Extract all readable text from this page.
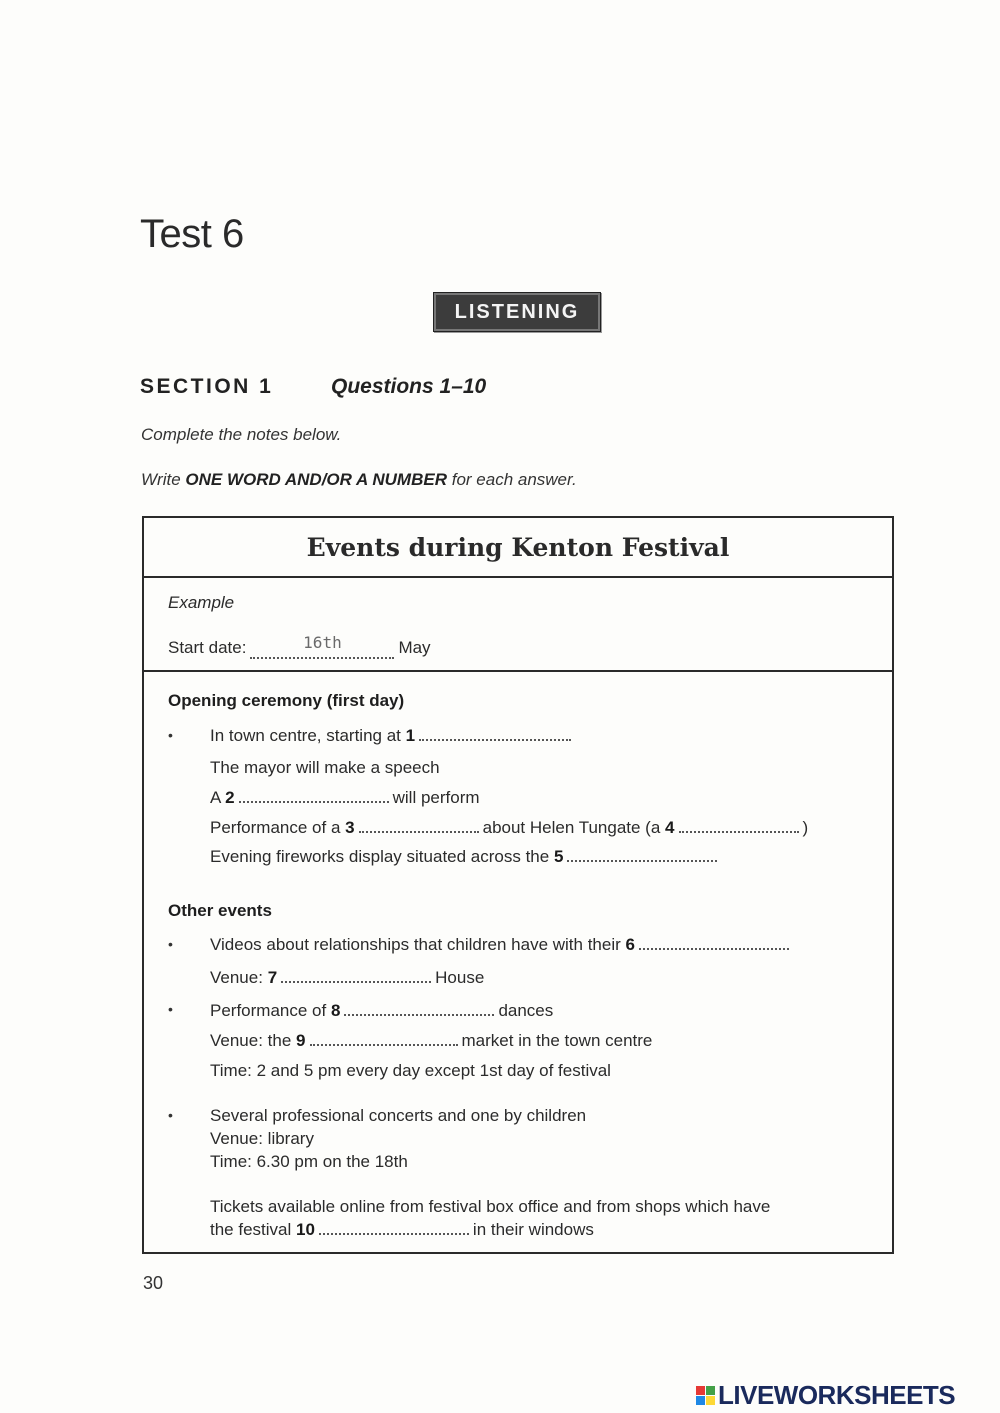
Test 6
LISTENING
SECTION 1	Questions 1–10
Complete the notes below.
Write ONE WORD AND/OR A NUMBER for each answer.
Events during Kenton Festival
Example
Start date:	16th	May
Opening ceremony (first day)
• In town centre, starting at 1
The mayor will make a speech
A 2	will perform
Performance of a 3	about Helen Tungate (a 4	)
Evening fireworks display situated across the 5
Other events
• Videos about relationships that children have with their 6
Venue: 7	House
• Performance of 8	dances
Venue: the 9	market in the town centre
Time: 2 and 5 pm every day except 1st day of festival
• Several professional concerts and one by children
Venue: library
Time: 6.30 pm on the 18th
Tickets available online from festival box office and from shops which have
the festival 10	in their windows
30
LIVEWORKSHEETS
